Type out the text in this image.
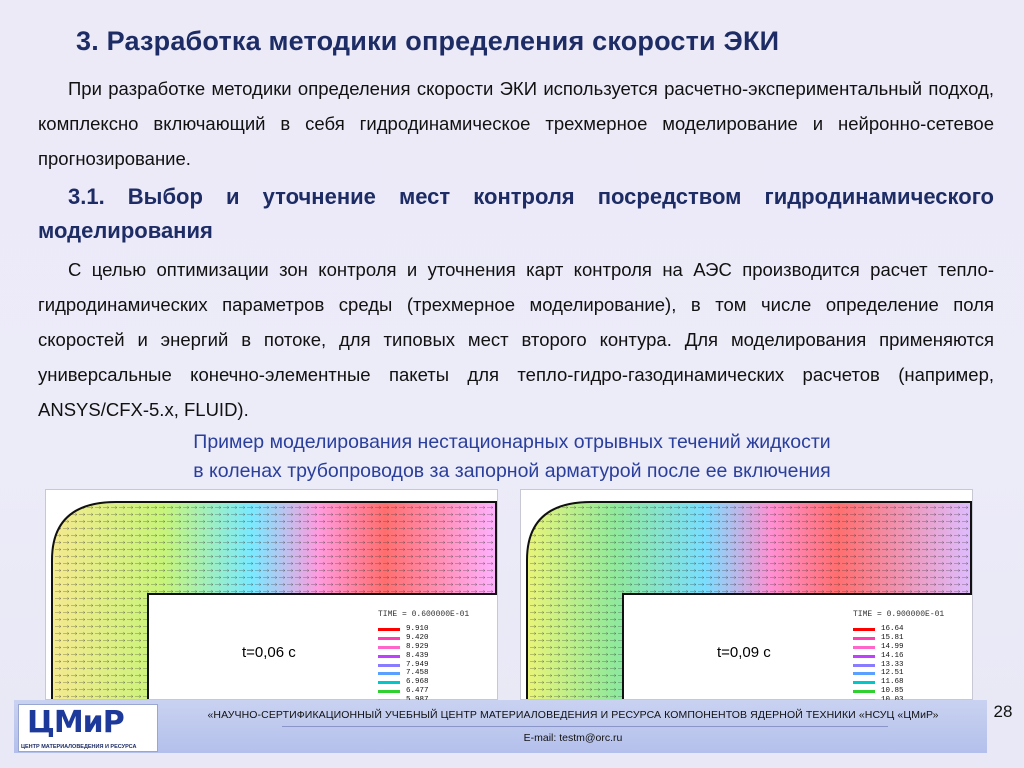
3. Разработка методики определения скорости ЭКИ

При разработке методики определения скорости ЭКИ используется расчетно-экспериментальный подход, комплексно включающий в себя гидродинамическое трехмерное моделирование и нейронно-сетевое прогнозирование.

3.1. Выбор и уточнение мест контроля посредством гидродинамического моделирования

С целью оптимизации зон контроля и уточнения карт контроля на АЭС производится расчет тепло-гидродинамических параметров среды (трехмерное моделирование), в том числе определение поля скоростей и энергий в потоке, для типовых мест второго контура. Для моделирования применяются универсальные конечно-элементные пакеты для тепло-гидро-газодинамических расчетов (например, ANSYS/CFX-5.x, FLUID).

Пример моделирования нестационарных отрывных течений жидкости
в коленах трубопроводов за запорной арматурой после ее включения
TIME = 0.600000E-01
9.910
9.420
8.929
8.439
7.949
7.458
6.968
6.477
t=0,06 с
TIME = 0.900000E-01
16.64
15.81
14.99
14.16
13.33
12.51
11.68
10.85
t=0,09 с
ЦМиР
ЦЕНТР МАТЕРИАЛОВЕДЕНИЯ И РЕСУРСА
«НАУЧНО-СЕРТИФИКАЦИОННЫЙ УЧЕБНЫЙ ЦЕНТР МАТЕРИАЛОВЕДЕНИЯ И РЕСУРСА КОМПОНЕНТОВ ЯДЕРНОЙ ТЕХНИКИ «НСУЦ «ЦМиР»
E-mail: testm@orc.ru
28
